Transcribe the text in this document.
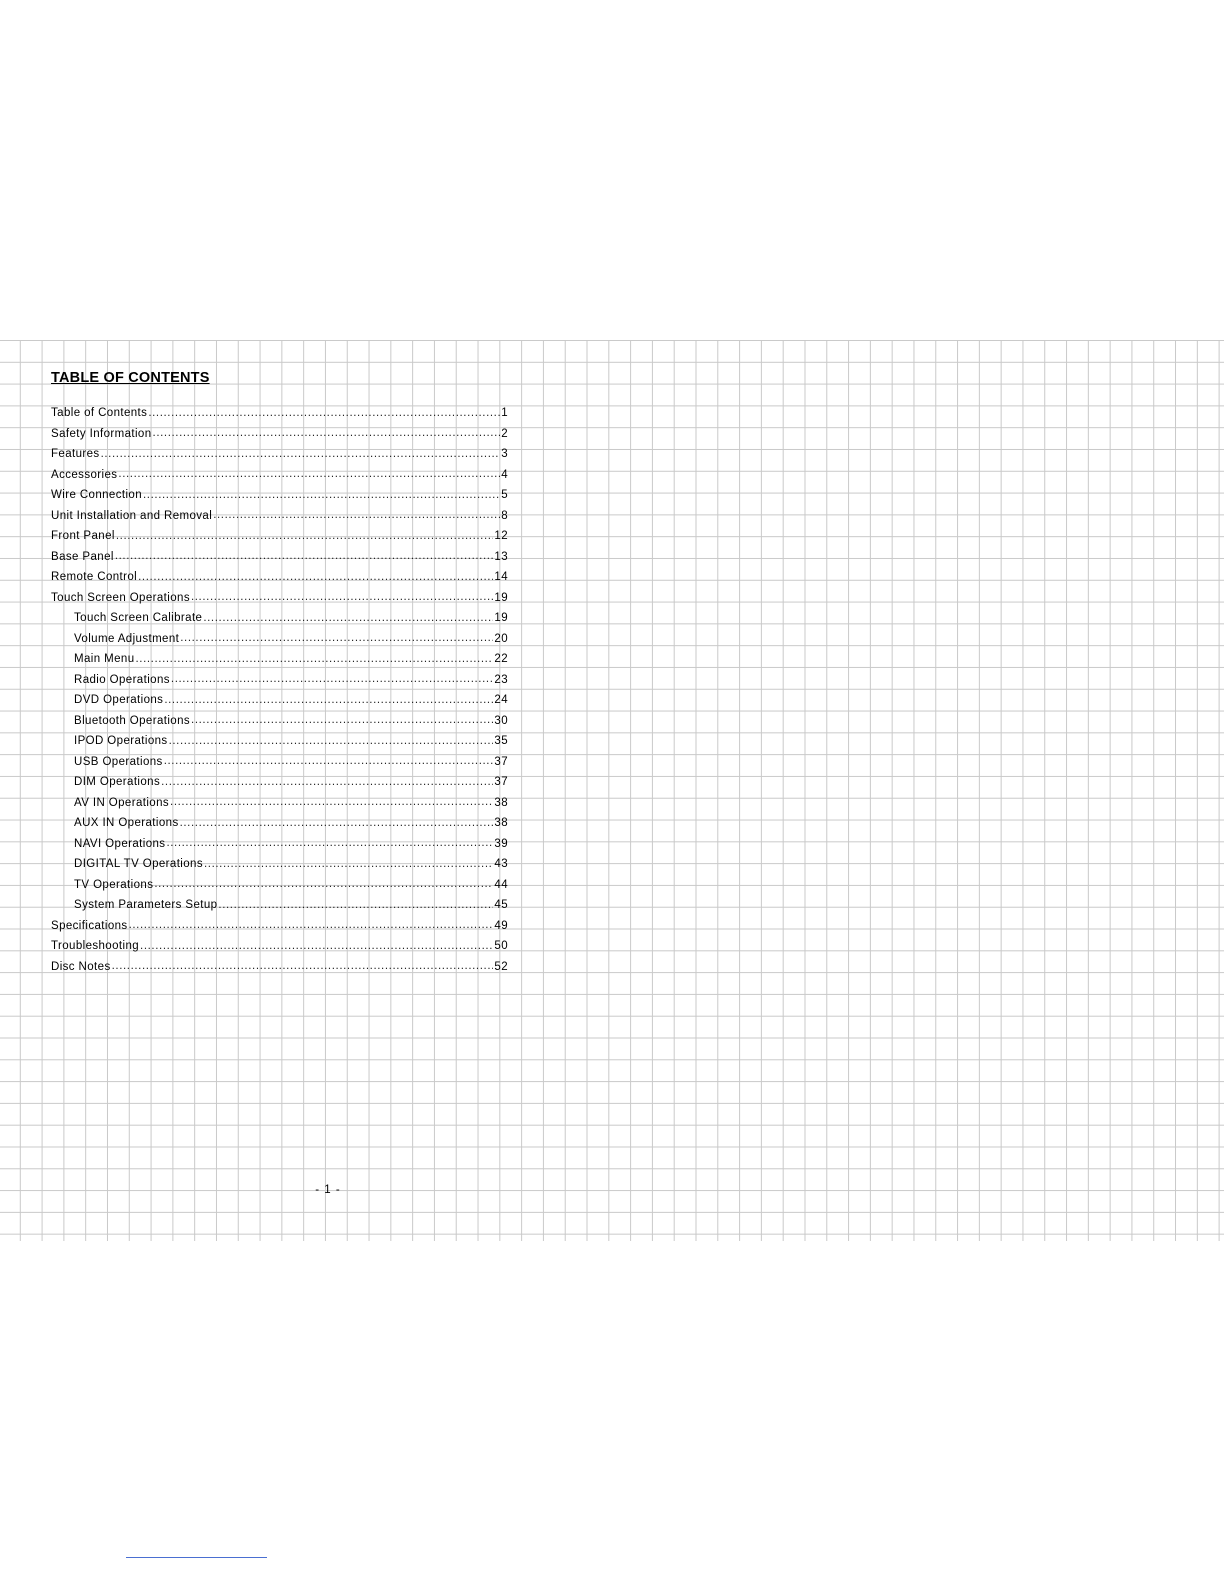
TABLE OF CONTENTS
Table of Contents .....	1
Safety Information .....	2
Features .....	3
Accessories .....	4
Wire Connection .....	5
Unit Installation and Removal .....	8
Front Panel .....	12
Base Panel .....	13
Remote Control .....	14
Touch Screen Operations .....	19
Touch Screen Calibrate .....	19
Volume Adjustment .....	20
Main Menu .....	22
Radio Operations .....	23
DVD Operations .....	24
Bluetooth Operations .....	30
IPOD Operations .....	35
USB Operations .....	37
DIM Operations .....	37
AV IN Operations .....	38
AUX IN Operations .....	38
NAVI Operations .....	39
DIGITAL TV Operations .....	43
TV Operations .....	44
System Parameters Setup .....	45
Specifications .....	49
Troubleshooting .....	50
Disc Notes .....	52
- 1 -
